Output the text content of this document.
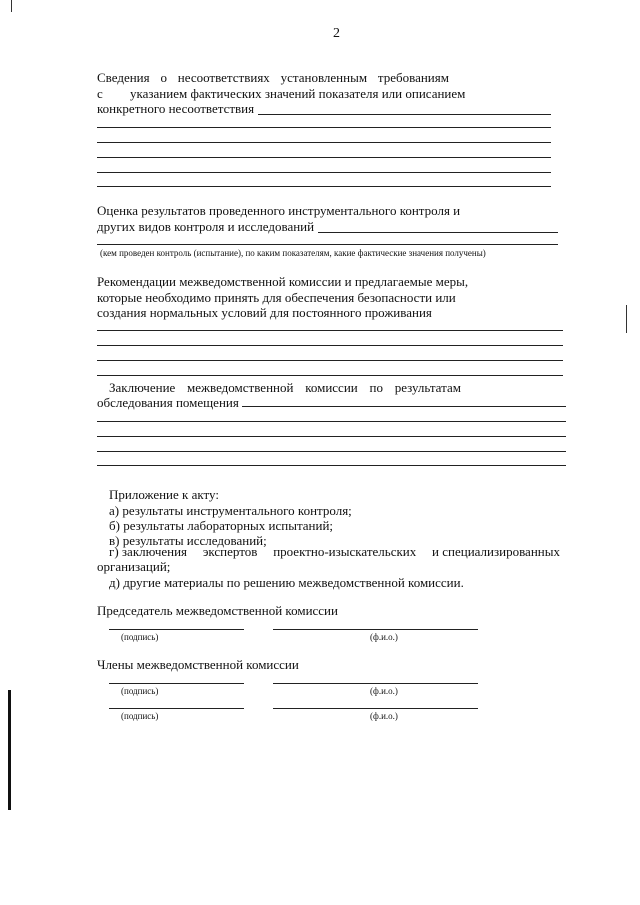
2
Сведения о несоответствиях установленным требованиям
с указанием фактических значений показателя или описанием
конкретного несоответствия
Оценка результатов проведенного инструментального контроля и
других видов контроля и исследований
(кем проведен контроль (испытание), по каким показателям, какие фактические значения получены)
Рекомендации межведомственной комиссии и предлагаемые меры,
которые необходимо принять для обеспечения безопасности или
создания нормальных условий для постоянного проживания
Заключение межведомственной комиссии по результатам
обследования помещения
Приложение к акту:
а) результаты инструментального контроля;
б) результаты лабораторных испытаний;
в) результаты исследований;
г) заключения экспертов проектно-изыскательских и специализированных
организаций;
д) другие материалы по решению межведомственной комиссии.
Председатель межведомственной комиссии
(подпись)	(ф.и.о.)
Члены межведомственной комиссии
(подпись)	(ф.и.о.)
(подпись)	(ф.и.о.)
